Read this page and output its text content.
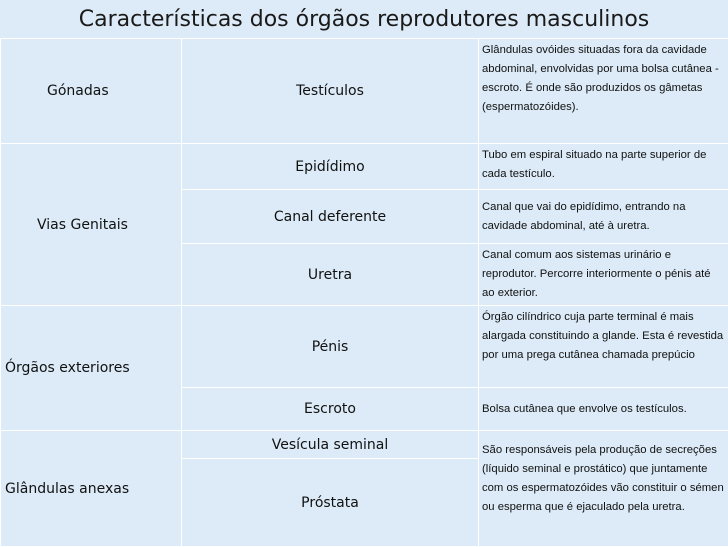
Características dos órgãos reprodutores masculinos
Gónadas	Testículos	Glândulas ovóides situadas fora da cavidade abdominal, envolvidas por uma bolsa cutânea - escroto. É onde são produzidos os gâmetas (espermatozóides).
Vias Genitais	Epidídimo	Tubo em espiral situado na parte superior de cada testículo.
	Canal deferente	Canal que vai do epidídimo, entrando na cavidade abdominal, até à uretra.
	Uretra	Canal comum aos sistemas urinário e reprodutor. Percorre interiormente o pénis até ao exterior.
Órgãos exteriores	Pénis	Órgão cilíndrico cuja parte terminal é mais alargada constituindo a glande. Esta é revestida por uma prega cutânea chamada prepúcio
	Escroto	Bolsa cutânea que envolve os testículos.
Glândulas anexas	Vesícula seminal	São responsáveis pela produção de secreções (líquido seminal e prostático) que juntamente com os espermatozóides vão constituir o sémen ou esperma que é ejaculado pela uretra.
	Próstata	
